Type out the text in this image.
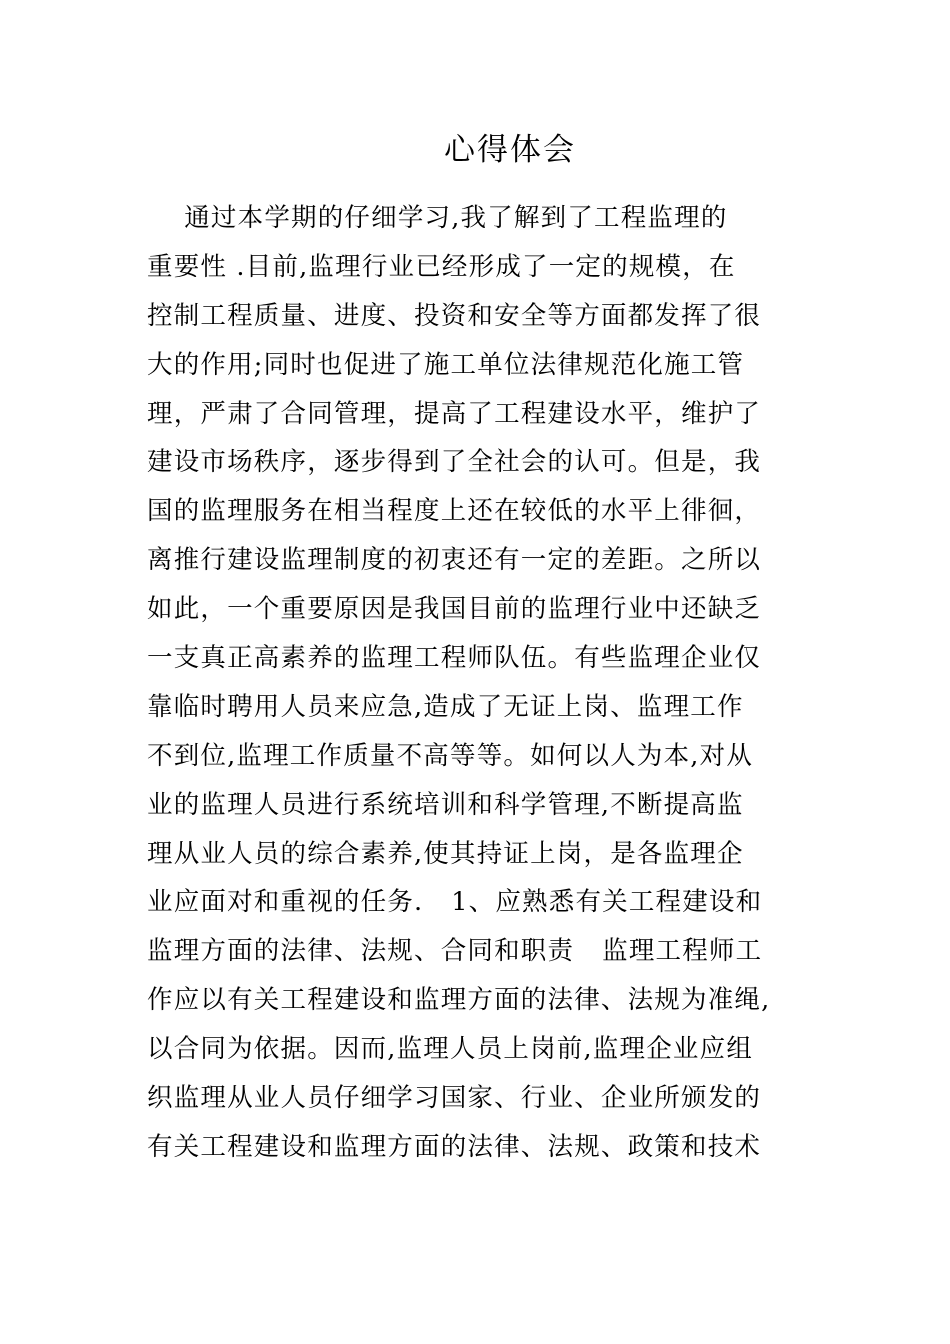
心得体会
通过本学期的仔细学习,我了解到了工程监理的
重要性 .目前,监理行业已经形成了一定的规模，在
控制工程质量、进度、投资和安全等方面都发挥了很
大的作用;同时也促进了施工单位法律规范化施工管
理，严肃了合同管理，提高了工程建设水平，维护了
建设市场秩序，逐步得到了全社会的认可。但是，我
国的监理服务在相当程度上还在较低的水平上徘徊，
离推行建设监理制度的初衷还有一定的差距。之所以
如此，一个重要原因是我国目前的监理行业中还缺乏
一支真正高素养的监理工程师队伍。有些监理企业仅
靠临时聘用人员来应急,造成了无证上岗、监理工作
不到位,监理工作质量不高等等。如何以人为本,对从
业的监理人员进行系统培训和科学管理,不断提高监
理从业人员的综合素养,使其持证上岗，是各监理企
业应面对和重视的任务.   1、应熟悉有关工程建设和
监理方面的法律、法规、合同和职责   监理工程师工
作应以有关工程建设和监理方面的法律、法规为准绳,
以合同为依据。因而,监理人员上岗前,监理企业应组
织监理从业人员仔细学习国家、行业、企业所颁发的
有关工程建设和监理方面的法律、法规、政策和技术
